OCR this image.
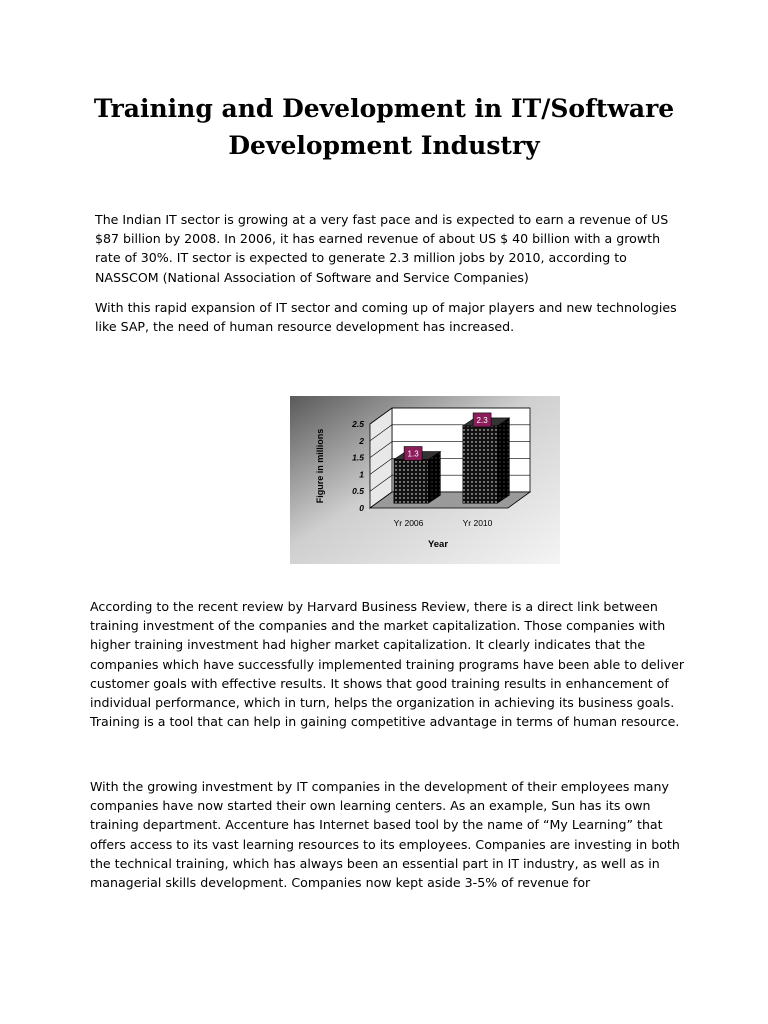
Training and Development in IT/Software Development Industry

The Indian IT sector is growing at a very fast pace and is expected to earn a revenue of US $87 billion by 2008. In 2006, it has earned revenue of about US $ 40 billion with a growth rate of 30%. IT sector is expected to generate 2.3 million jobs by 2010, according to NASSCOM (National Association of Software and Service Companies)

With this rapid expansion of IT sector and coming up of major players and new technologies like SAP, the need of human resource development has increased.

0
0.5
1
1.5
2
2.5
1.3
Yr 2006
2.3
Yr 2010
Figure in millions
Year

According to the recent review by Harvard Business Review, there is a direct link between training investment of the companies and the market capitalization. Those companies with higher training investment had higher market capitalization. It clearly indicates that the companies which have successfully implemented training programs have been able to deliver customer goals with effective results. It shows that good training results in enhancement of individual performance, which in turn, helps the organization in achieving its business goals. Training is a tool that can help in gaining competitive advantage in terms of human resource.

With the growing investment by IT companies in the development of their employees many companies have now started their own learning centers. As an example, Sun has its own training department. Accenture has Internet based tool by the name of “My Learning” that offers access to its vast learning resources to its employees. Companies are investing in both the technical training, which has always been an essential part in IT industry, as well as in managerial skills development. Companies now kept aside 3-5% of revenue for
